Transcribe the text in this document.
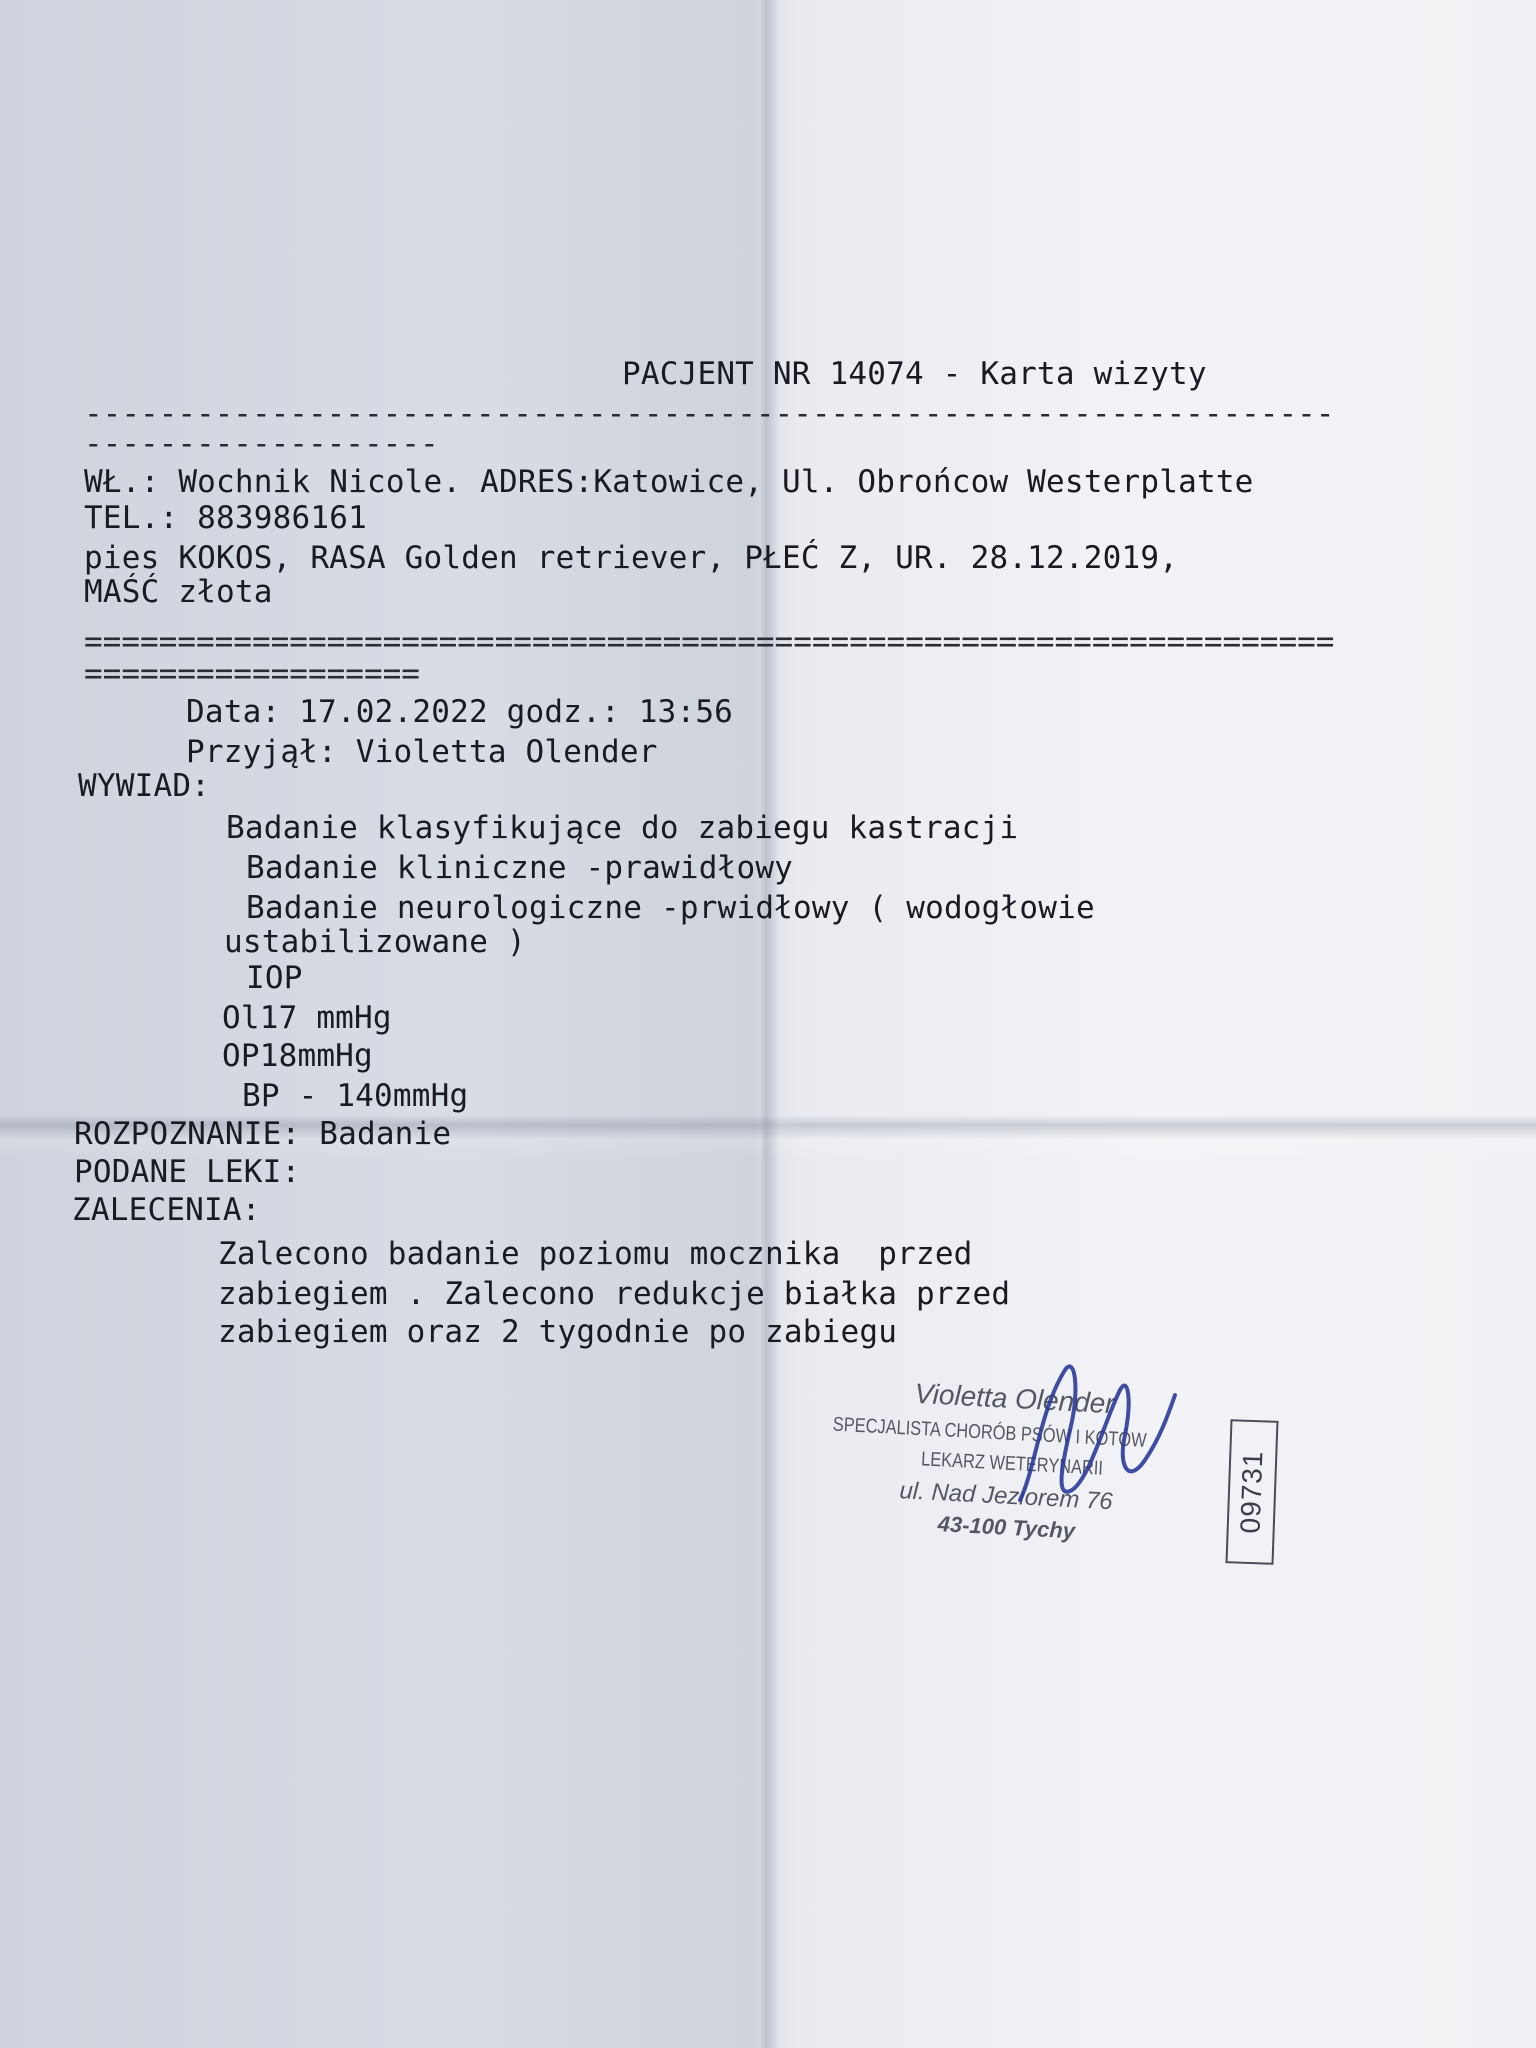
PACJENT NR 14074 - Karta wizyty
-------------------------------------------------------------------
-------------------
WŁ.: Wochnik Nicole. ADRES:Katowice, Ul. Obrońcow Westerplatte
TEL.: 883986161
pies KOKOS, RASA Golden retriever, PŁEĆ Z, UR. 28.12.2019,
MAŚĆ złota
===================================================================
==================
Data: 17.02.2022 godz.: 13:56
Przyjął: Violetta Olender
WYWIAD:
Badanie klasyfikujące do zabiegu kastracji
Badanie kliniczne -prawidłowy
Badanie neurologiczne -prwidłowy ( wodogłowie
ustabilizowane )
IOP
Ol17 mmHg
OP18mmHg
BP - 140mmHg
ROZPOZNANIE: Badanie
PODANE LEKI:
ZALECENIA:
Zalecono badanie poziomu mocznika  przed
zabiegiem . Zalecono redukcje białka przed
zabiegiem oraz 2 tygodnie po zabiegu
Violetta Olender
SPECJALISTA CHORÓB PSÓW I KOTÓW
LEKARZ WETERYNARII
ul. Nad Jeziorem 76
43-100 Tychy	09731
